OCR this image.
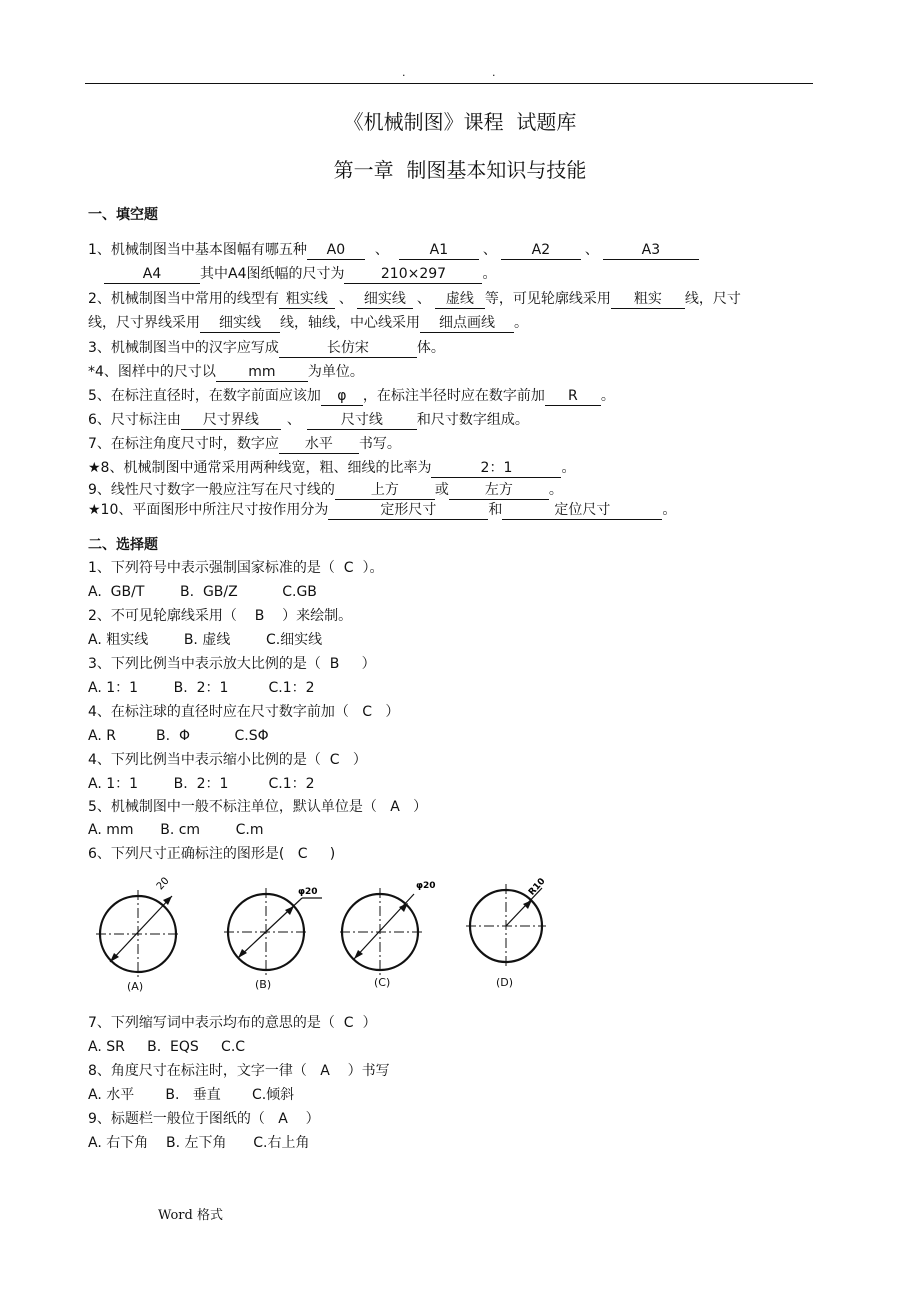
.	.
《机械制图》课程  试题库
第一章  制图基本知识与技能
一、填空题
1、机械制图当中基本图幅有哪五种 A0 、	A1 、 A2 、	A3
A4	其中A4图纸幅的尺寸为	210×297	。
2、机械制图当中常用的线型有 粗实线 、 细实线 、 虚线 等，可见轮廓线采用 粗实 线，尺寸
线，尺寸界线采用 细实线 线，轴线，中心线采用 细点画线 。
3、机械制图当中的汉字应写成	长仿宋	体。
*4、图样中的尺寸以 mm 为单位。
5、在标注直径时，在数字前面应该加 φ ，在标注半径时应在数字前加 R 。
6、尺寸标注由 尺寸界线 、	尺寸线 和尺寸数字组成。
7、在标注角度尺寸时，数字应 水平 书写。
★8、机械制图中通常采用两种线宽，粗、细线的比率为	2：1	。
9、线性尺寸数字一般应注写在尺寸线的	上方	或	左方	。
★10、平面图形中所注尺寸按作用分为	定形尺寸	和	定位尺寸	。
二、选择题
1、下列符号中表示强制国家标准的是（  C  ）。
A.  GB/T        B.  GB/Z          C.GB
2、不可见轮廓线采用（    B    ）来绘制。
A. 粗实线        B. 虚线        C.细实线
3、下列比例当中表示放大比例的是（  B     ）
A. 1：1        B.  2：1         C.1：2
4、在标注球的直径时应在尺寸数字前加（   C   ）
A. R         B.  Φ          C.SΦ
4、下列比例当中表示缩小比例的是（  C   ）
A. 1：1        B.  2：1         C.1：2
5、机械制图中一般不标注单位，默认单位是（   A   ）
A. mm      B. cm        C.m
6、下列尺寸正确标注的图形是(   C     )
20
(A)
φ20
(B)
φ20
(C)
R10
(D)
7、下列缩写词中表示均布的意思的是（  C  ）
A. SR     B.  EQS     C.C
8、角度尺寸在标注时，文字一律（   A    ）书写
A. 水平       B.   垂直       C.倾斜
9、标题栏一般位于图纸的（   A    ）
A. 右下角    B. 左下角      C.右上角
Word 格式
